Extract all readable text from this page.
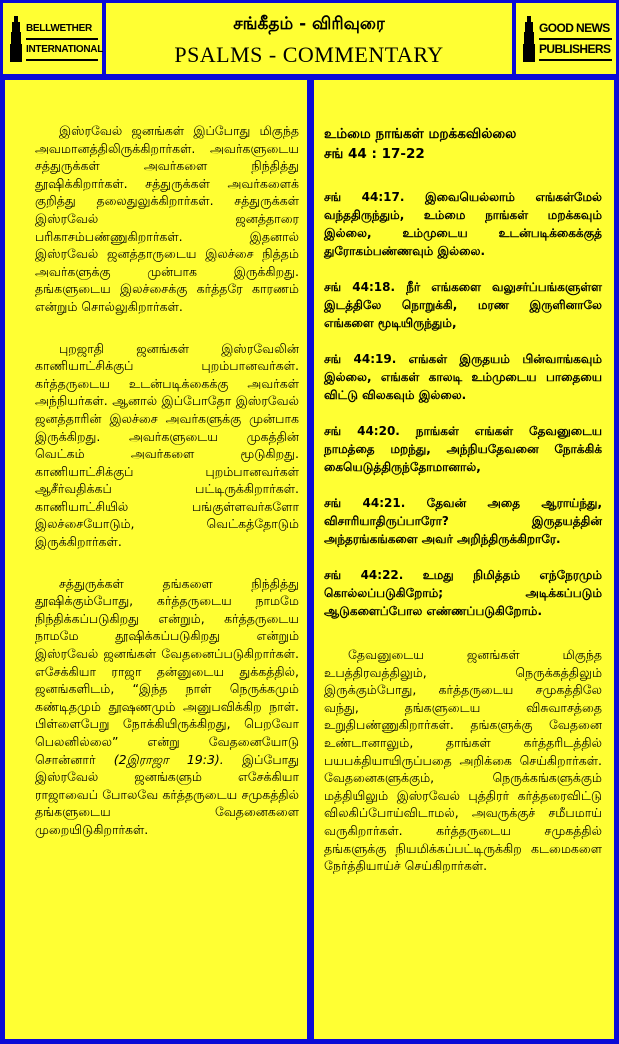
BELLWETHER
INTERNATIONAL
சங்கீதம் - விரிவுரை
PSALMS - COMMENTARY
GOOD NEWS
PUBLISHERS

இஸ்ரவேல் ஜனங்கள் இப்போது மிகுந்த அவமானத்திலிருக்கிறார்கள். அவர்களுடைய சத்துருக்கள் அவர்களை நிந்தித்து தூஷிக்கிறார்கள். சத்துருக்கள் அவர்களைக் குறித்து தலைதுலுக்கிறார்கள். சத்துருக்கள் இஸ்ரவேல் ஜனத்தாரை பரிகாசம்பண்ணுகிறார்கள். இதனால் இஸ்ரவேல் ஜனத்தாருடைய இலச்சை நித்தம் அவர்களுக்கு முன்பாக இருக்கிறது. தங்களுடைய இலச்சைக்கு கர்த்தரே காரணம் என்றும் சொல்லுகிறார்கள்.

புறஜாதி ஜனங்கள் இஸ்ரவேலின் காணியாட்சிக்குப் புறம்பானவர்கள். கர்த்தருடைய உடன்படிக்கைக்கு அவர்கள் அந்நியர்கள். ஆனால் இப்போதோ இஸ்ரவேல் ஜனத்தாரின் இலச்சை அவர்களுக்கு முன்பாக இருக்கிறது. அவர்களுடைய முகத்தின் வெட்கம் அவர்களை மூடுகிறது. காணியாட்சிக்குப் புறம்பானவர்கள் ஆசீர்வதிக்கப் பட்டிருக்கிறார்கள். காணியாட்சியில் பங்குள்ளவர்களோ இலச்சையோடும், வெட்கத்தோடும் இருக்கிறார்கள்.

சத்துருக்கள் தங்களை நிந்தித்து தூஷிக்கும்போது, கர்த்தருடைய நாமமே நிந்திக்கப்படுகிறது என்றும், கர்த்தருடைய நாமமே தூஷிக்கப்படுகிறது என்றும் இஸ்ரவேல் ஜனங்கள் வேதனைப்படுகிறார்கள். எசேக்கியா ராஜா தன்னுடைய துக்கத்தில், ஜனங்களிடம், “இந்த நாள் நெருக்கமும் கண்டிதமும் தூஷணமும் அனுபவிக்கிற நாள். பிள்ளைபேறு நோக்கியிருக்கிறது, பெறவோ பெலனில்லை” என்று வேதனையோடு சொன்னார் (2இராஜா 19:3). இப்போது இஸ்ரவேல் ஜனங்களும் எசேக்கியா ராஜாவைப் போலவே கர்த்தருடைய சமுகத்தில் தங்களுடைய வேதனைகளை முறையிடுகிறார்கள்.

உம்மை நாங்கள் மறக்கவில்லை
சங் 44 : 17-22
சங் 44:17. இவையெல்லாம் எங்கள்மேல் வந்ததிருந்தும், உம்மை நாங்கள் மறக்கவும் இல்லை, உம்முடைய உடன்படிக்கைக்குத் துரோகம்பண்ணவும் இல்லை.
சங் 44:18. நீர் எங்களை வலுசர்ப்பங்களுள்ள இடத்திலே நொறுக்கி, மரண இருளினாலே எங்களை மூடியிருந்தும்,
சங் 44:19. எங்கள் இருதயம் பின்வாங்கவும் இல்லை, எங்கள் காலடி உம்முடைய பாதையை விட்டு விலகவும் இல்லை.
சங் 44:20. நாங்கள் எங்கள் தேவனுடைய நாமத்தை மறந்து, அந்நியதேவனை நோக்கிக் கையெடுத்திருந்தோமானால்,
சங் 44:21. தேவன் அதை ஆராய்ந்து, விசாரியாதிருப்பாரோ? இருதயத்தின் அந்தரங்கங்களை அவர் அறிந்திருக்கிறாரே.
சங் 44:22. உமது நிமித்தம் எந்நேரமும் கொல்லப்படுகிறோம்; அடிக்கப்படும் ஆடுகளைப்போல எண்ணப்படுகிறோம்.

தேவனுடைய ஜனங்கள் மிகுந்த உபத்திரவத்திலும், நெருக்கத்திலும் இருக்கும்போது, கர்த்தருடைய சமுகத்திலே வந்து, தங்களுடைய விசுவாசத்தை உறுதிபண்ணுகிறார்கள். தங்களுக்கு வேதனை உண்டானாலும், தாங்கள் கர்த்தரிடத்தில் பயபக்தியாயிருப்பதை அறிக்கை செய்கிறார்கள். வேதனைகளுக்கும், நெருக்கங்களுக்கும் மத்தியிலும் இஸ்ரவேல் புத்திரர் கர்த்தரைவிட்டு விலகிப்போய்விடாமல், அவருக்குச் சமீபமாய் வருகிறார்கள். கர்த்தருடைய சமுகத்தில் தங்களுக்கு நியமிக்கப்பட்டிருக்கிற கடமைகளை நேர்த்தியாய்ச் செய்கிறார்கள்.
